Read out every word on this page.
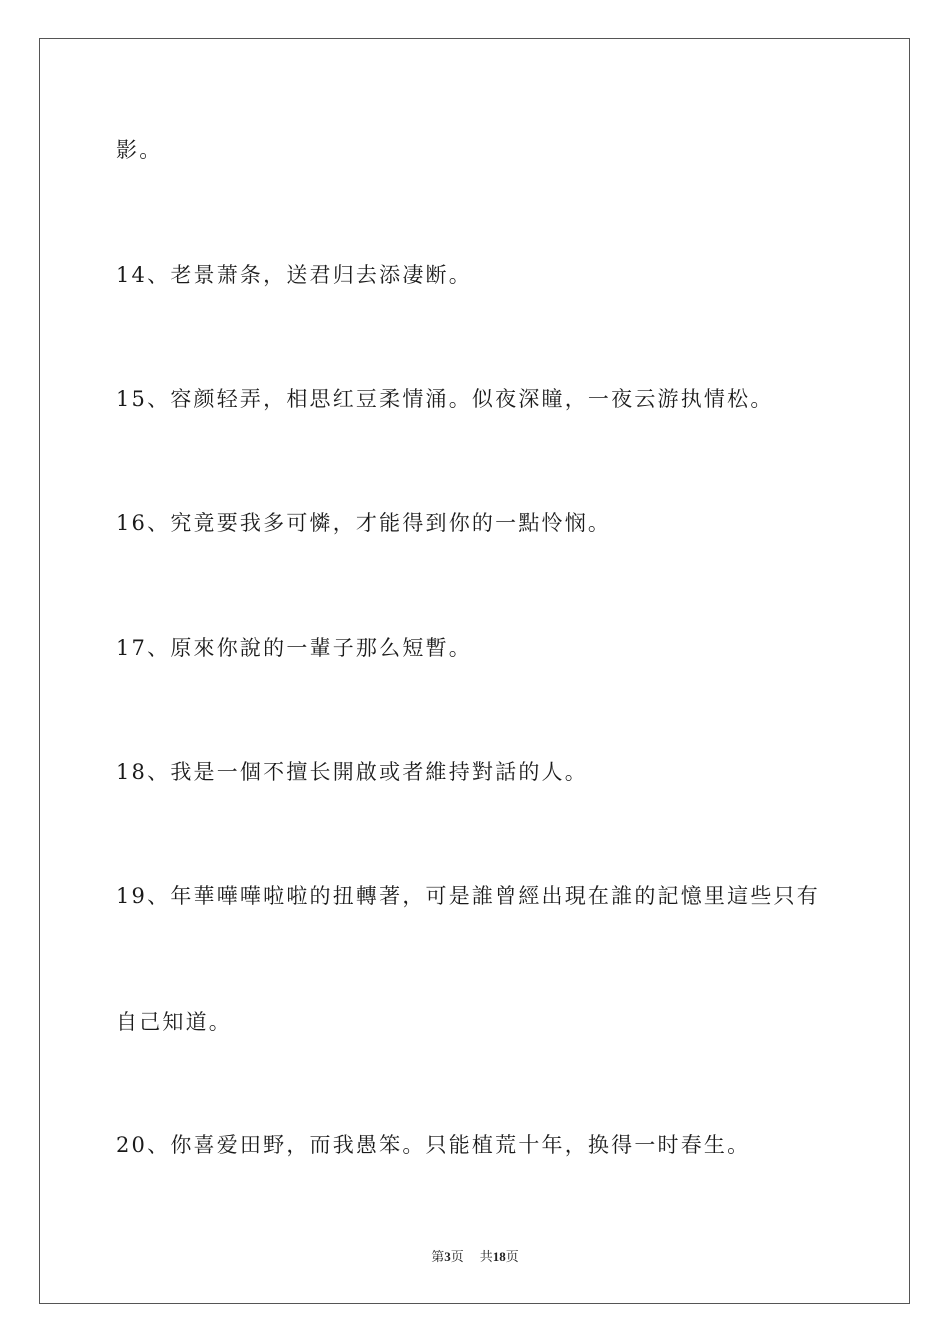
影。
14、老景萧条，送君归去添凄断。
15、容颜轻弄，相思红豆柔情涌。似夜深瞳，一夜云游执情松。
16、究竟要我多可憐，才能得到你的一點怜悯。
17、原來你說的一輩子那么短暫。
18、我是一個不擅长開啟或者維持對話的人。
19、年華嘩嘩啦啦的扭轉著，可是誰曾經出現在誰的記憶里這些只有
自己知道。
20、你喜爱田野，而我愚笨。只能植荒十年，换得一时春生。
第3页 共18页
